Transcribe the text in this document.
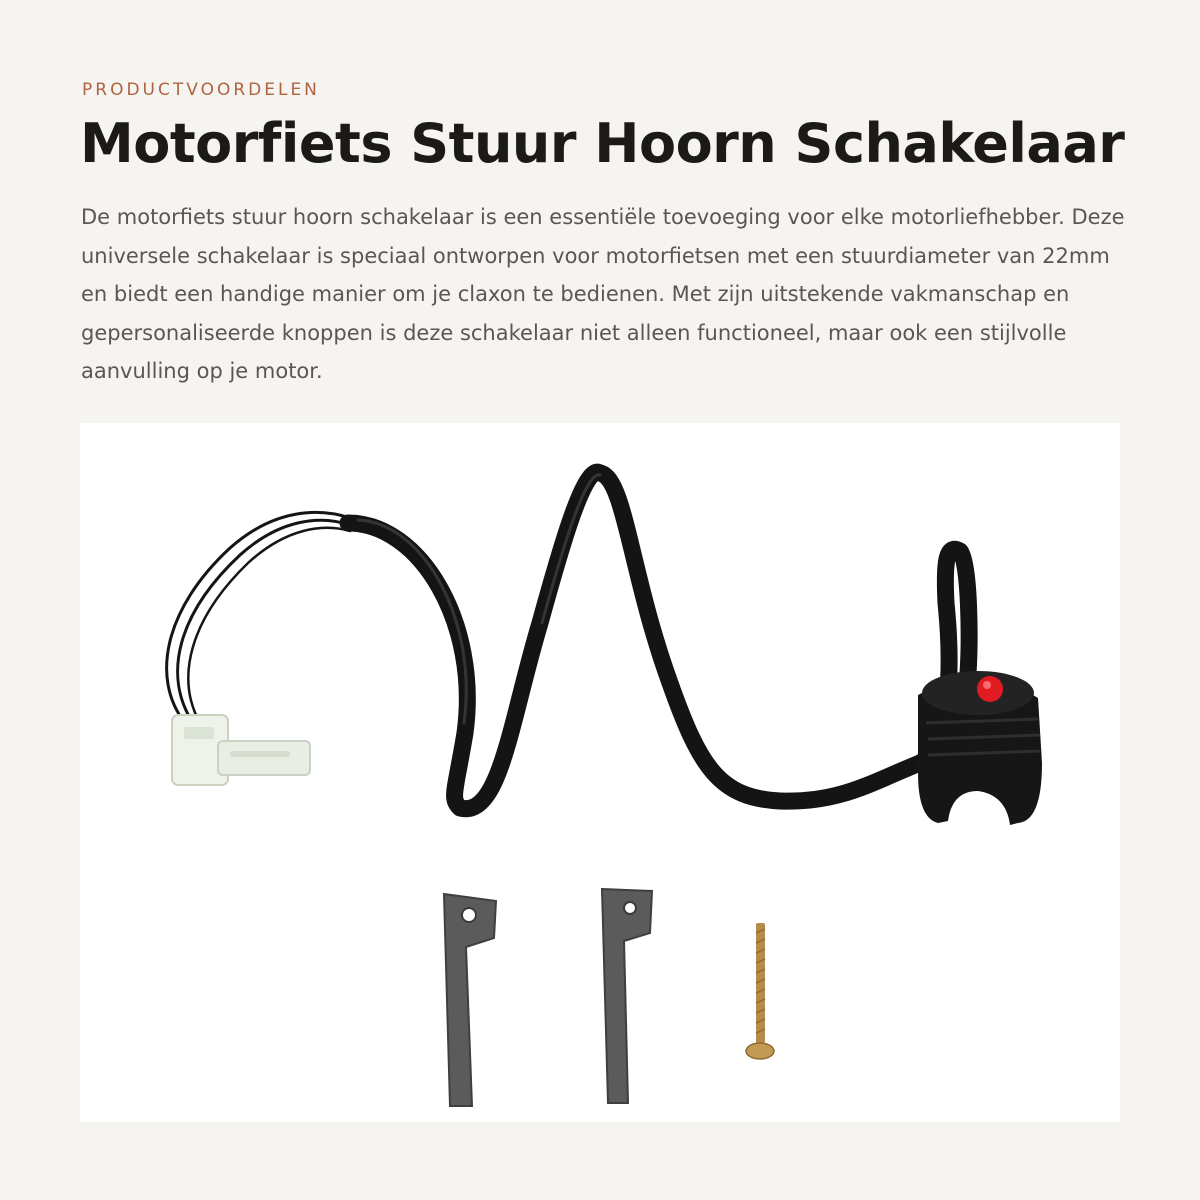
PRODUCTVOORDELEN
Motorfiets Stuur Hoorn Schakelaar

De motorfiets stuur hoorn schakelaar is een essentiële toevoeging voor elke motorliefhebber. Deze universele schakelaar is speciaal ontworpen voor motorfietsen met een stuurdiameter van 22mm en biedt een handige manier om je claxon te bedienen. Met zijn uitstekende vakmanschap en gepersonaliseerde knoppen is deze schakelaar niet alleen functioneel, maar ook een stijlvolle aanvulling op je motor.
